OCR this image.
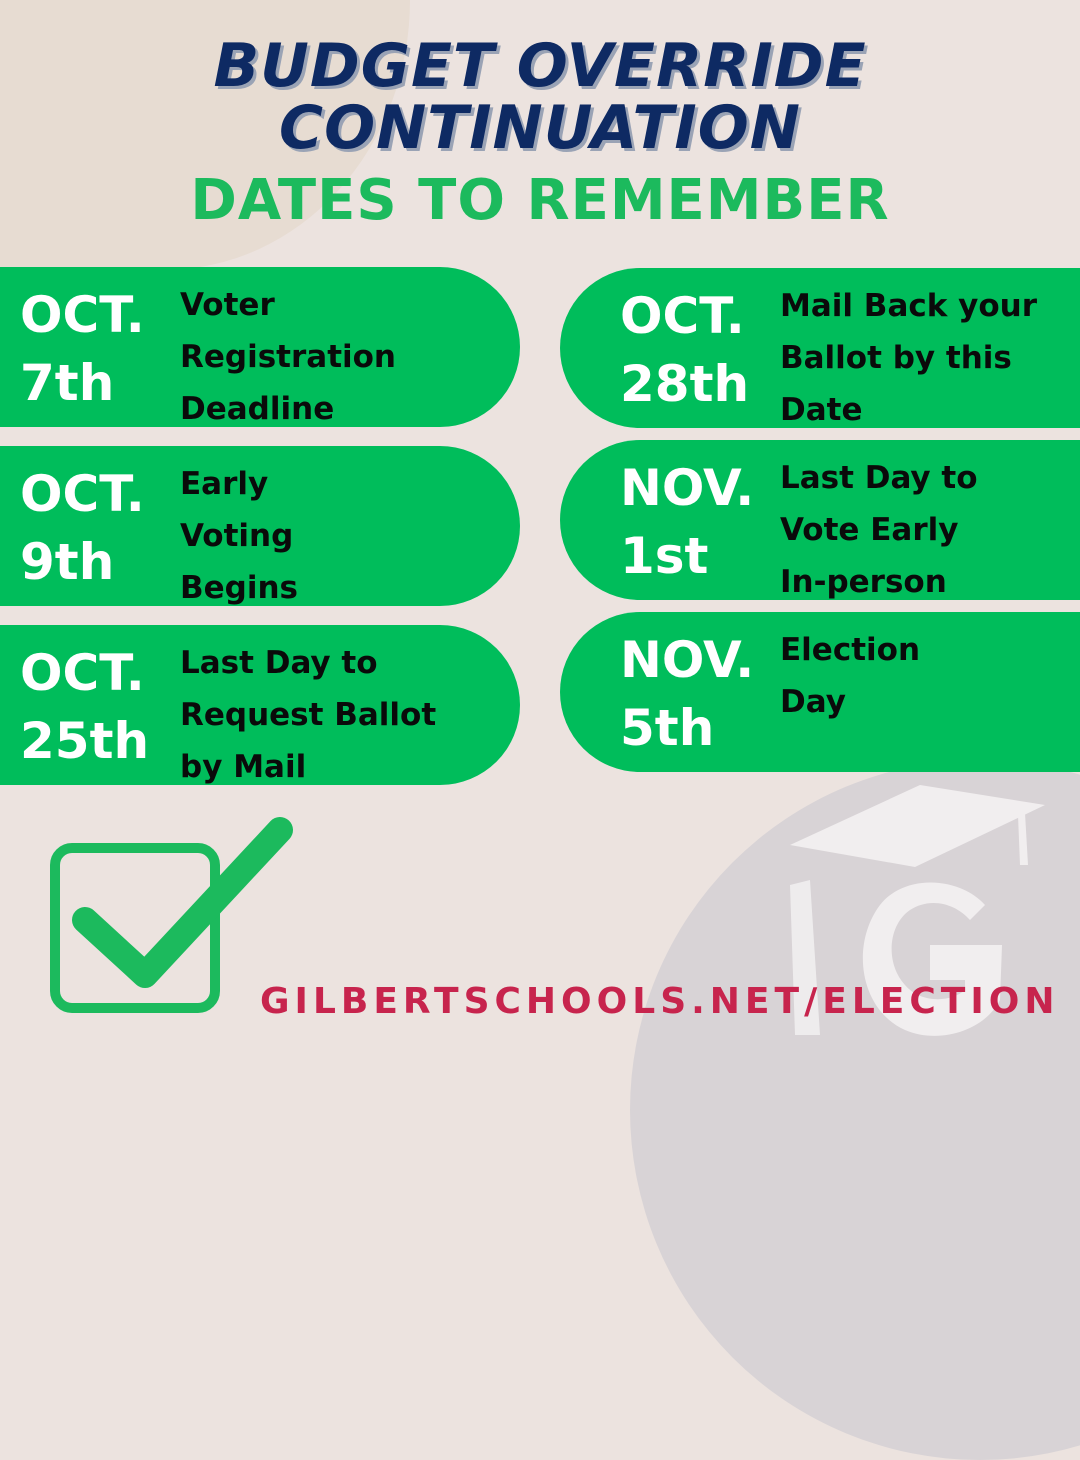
BUDGET OVERRIDE
CONTINUATION
DATES TO REMEMBER
OCT.
7th
Voter
Registration
Deadline
OCT.
9th
Early
Voting
Begins
OCT.
25th
Last Day to
Request Ballot
by Mail
OCT.
28th
Mail Back your
Ballot by this
Date
NOV.
1st
Last Day to
Vote Early
In-person
NOV.
5th
Election
Day
GILBERTSCHOOLS.NET/ELECTION
